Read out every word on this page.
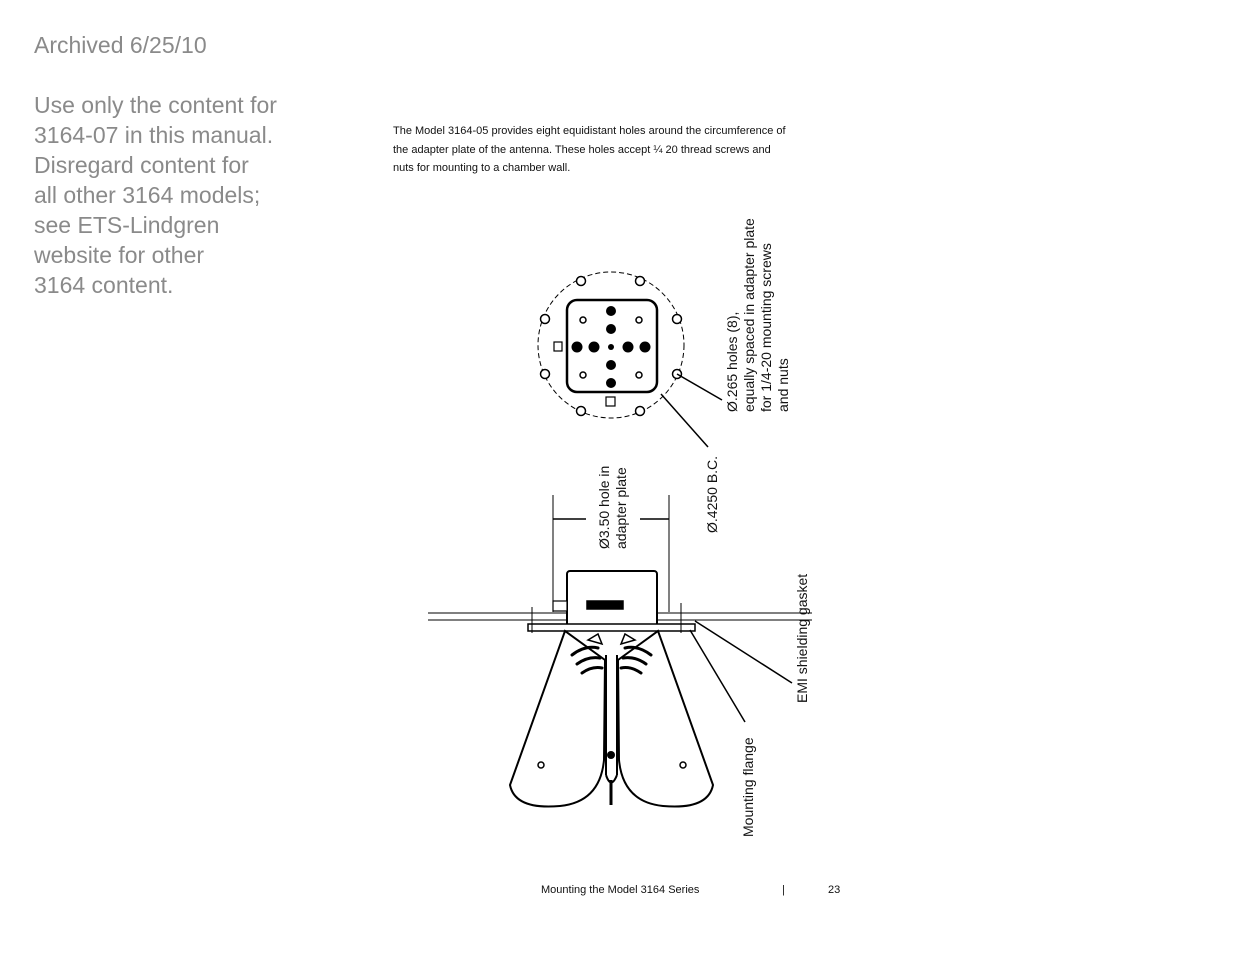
Archived 6/25/10
Use only the content for
3164-07 in this manual.
Disregard content for
all other 3164 models;
see ETS-Lindgren
website for other
3164 content.
The Model 3164-05 provides eight equidistant holes around the circumference of
the adapter plate of the antenna. These holes accept ¼ 20 thread screws and
nuts for mounting to a chamber wall.
Ø.265 holes (8), equally spaced in adapter plate for 1/4-20 mounting screws and nuts
Ø.4250 B.C.
Ø3.50 hole in adapter plate
EMI shielding gasket
Mounting flange
Mounting the Model 3164 Series	|	23
